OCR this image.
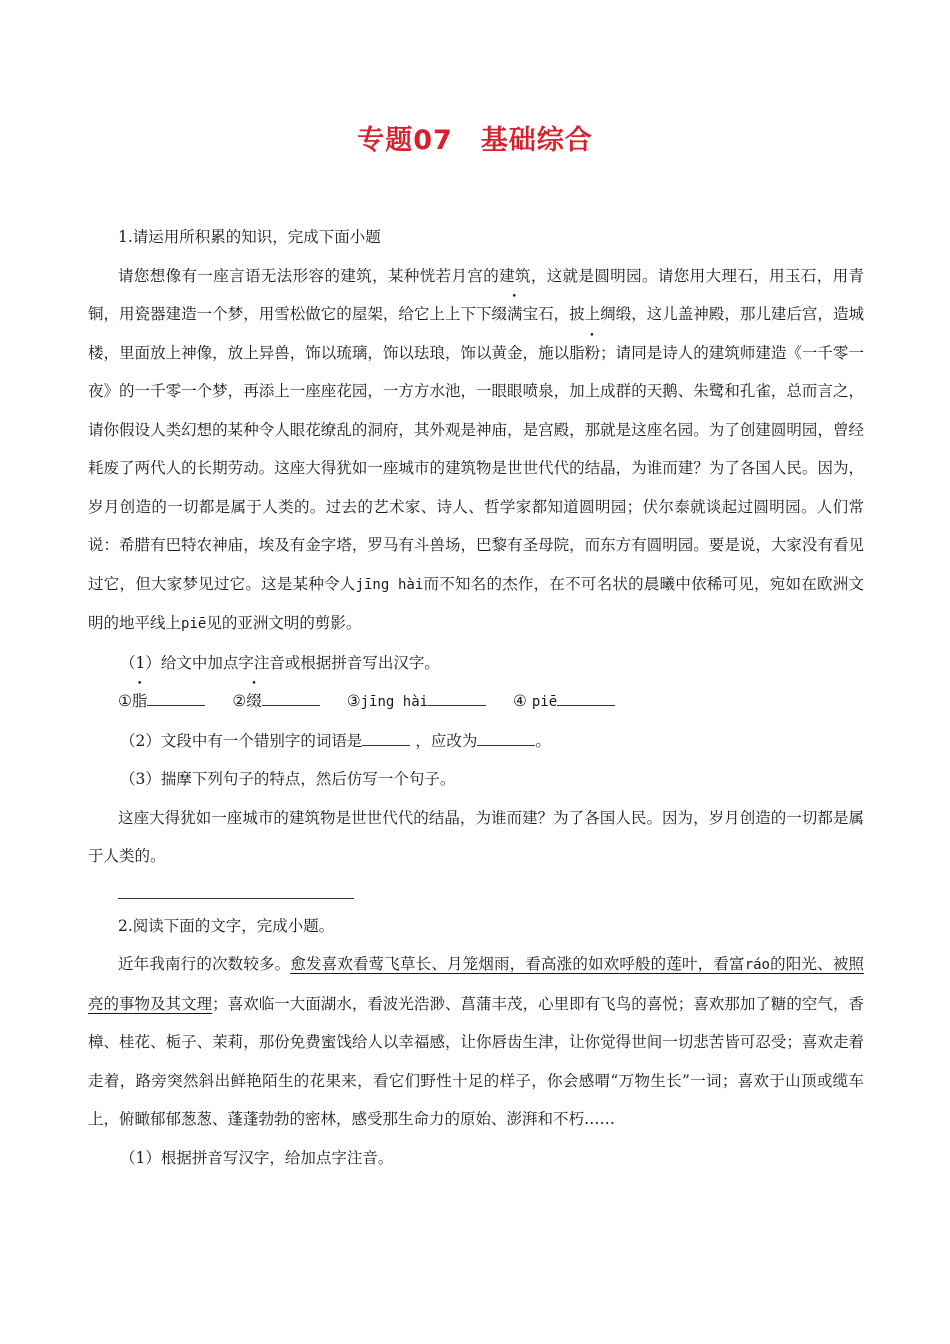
专题07　基础综合

1.请运用所积累的知识，完成下面小题

请您想像有一座言语无法形容的建筑，某种恍若月宫的建筑，这就是圆明园。请您用大理石，用玉石，用青铜，用瓷器建造一个梦，用雪松做它的屋架，给它上上下下缀满宝石，披上绸缎，这儿盖神殿，那儿建后宫，造城楼，里面放上神像，放上异兽，饰以琉璃，饰以珐琅，饰以黄金，施以脂粉；请同是诗人的建筑师建造《一千零一夜》的一千零一个梦，再添上一座座花园，一方方水池，一眼眼喷泉，加上成群的天鹅、朱鹭和孔雀，总而言之，请你假设人类幻想的某种令人眼花缭乱的洞府，其外观是神庙，是宫殿，那就是这座名园。为了创建圆明园，曾经耗废了两代人的长期劳动。这座大得犹如一座城市的建筑物是世世代代的结晶，为谁而建？为了各国人民。因为，岁月创造的一切都是属于人类的。过去的艺术家、诗人、哲学家都知道圆明园；伏尔泰就谈起过圆明园。人们常说：希腊有巴特农神庙，埃及有金字塔，罗马有斗兽场，巴黎有圣母院，而东方有圆明园。要是说，大家没有看见过它，但大家梦见过它。这是某种令人jīng hài而不知名的杰作，在不可名状的晨曦中依稀可见，宛如在欧洲文明的地平线上piē见的亚洲文明的剪影。

（1）给文中加点字注音或根据拼音写出汉字。

①脂	②缀	③jīng hài	④ piē

（2）文段中有一个错别字的词语是	，应改为	。

（3）揣摩下列句子的特点，然后仿写一个句子。

这座大得犹如一座城市的建筑物是世世代代的结晶，为谁而建？为了各国人民。因为，岁月创造的一切都是属于人类的。

2.阅读下面的文字，完成小题。

近年我南行的次数较多。愈发喜欢看莺飞草长、月笼烟雨，看高涨的如欢呼般的莲叶，看富ráo的阳光、被照亮的事物及其文理；喜欢临一大面湖水，看波光浩渺、菖蒲丰茂，心里即有飞鸟的喜悦；喜欢那加了糖的空气，香樟、桂花、栀子、茉莉，那份免费蜜饯给人以幸福感，让你唇齿生津，让你觉得世间一切悲苦皆可忍受；喜欢走着走着，路旁突然斜出鲜艳陌生的花果来，看它们野性十足的样子，你会感喟“万物生长”一词；喜欢于山顶或缆车上，俯瞰郁郁葱葱、蓬蓬勃勃的密林，感受那生命力的原始、澎湃和不朽……

（1）根据拼音写汉字，给加点字注音。
